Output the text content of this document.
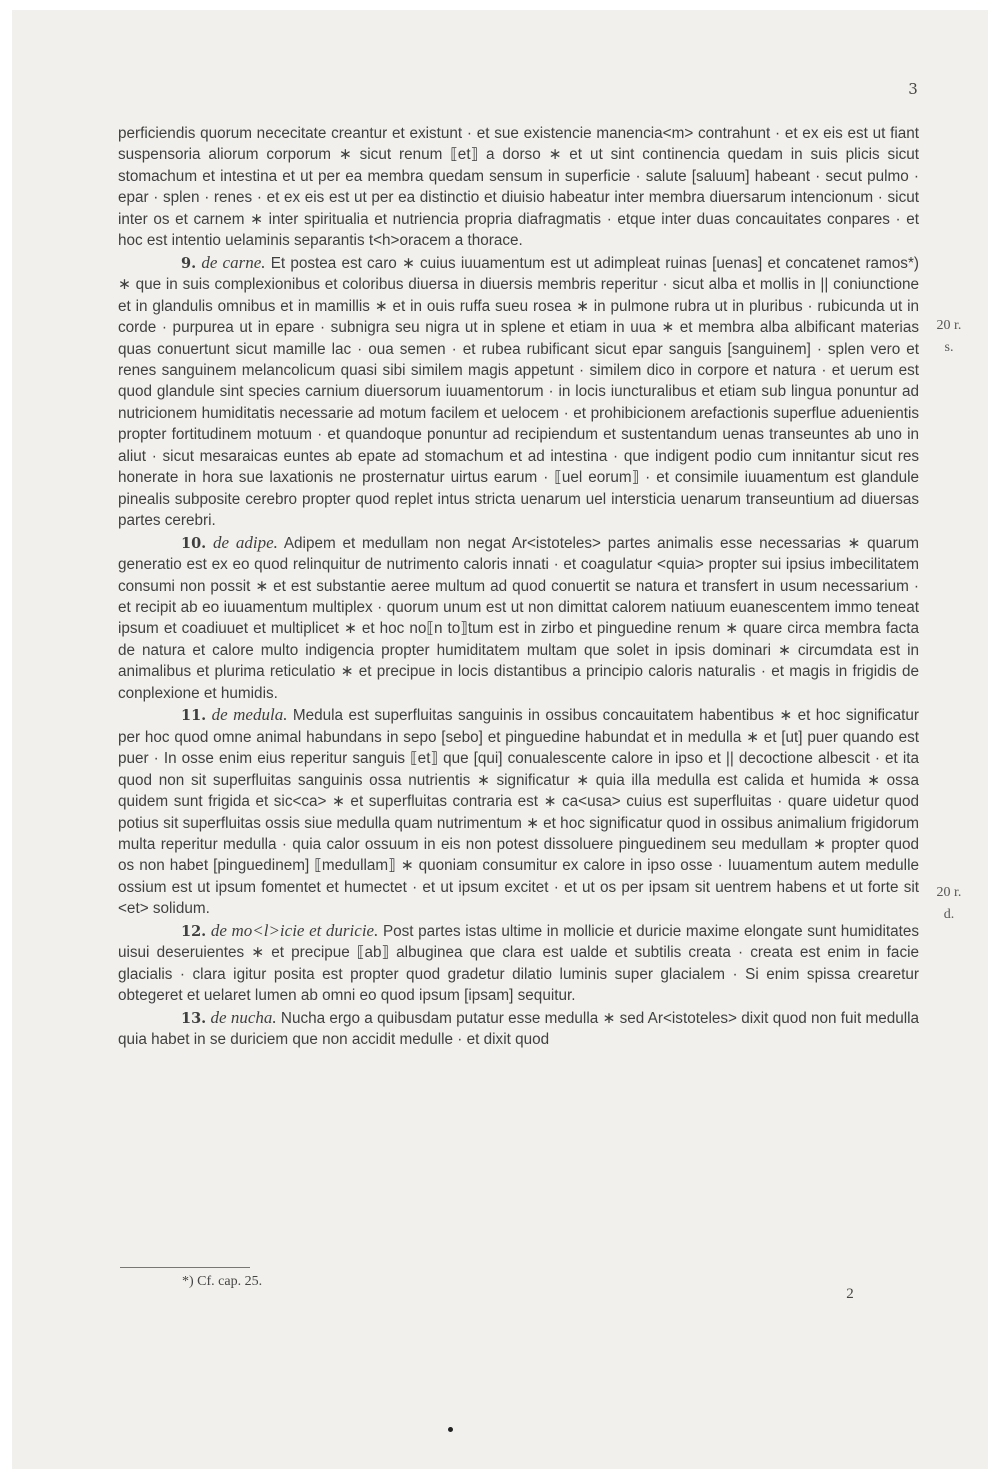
3

perficiendis quorum nececitate creantur et existunt · et sue existencie manencia<m> contrahunt · et ex eis est ut fiant suspensoria aliorum corporum ∗ sicut renum ⟦et⟧ a dorso ∗ et ut sint continencia quedam in suis plicis sicut stomachum et intestina et ut per ea membra quedam sensum in superficie · salute [saluum] habeant · secut pulmo · epar · splen · renes · et ex eis est ut per ea distinctio et diuisio habeatur inter membra diuersarum intencionum · sicut inter os et carnem ∗ inter spiritualia et nutriencia propria diafragmatis · etque inter duas concauitates conpares · et hoc est intentio uelaminis separantis t<h>oracem a thorace.

9. de carne. Et postea est caro ∗ cuius iuuamentum est ut adimpleat ruinas [uenas] et concatenet ramos*) ∗ que in suis complexionibus et coloribus diuersa in diuersis membris reperitur · sicut alba et mollis in || coniunctione et in glandulis omnibus et in mamillis ∗ et in ouis ruffa sueu rosea ∗ in pulmone rubra ut in pluribus · rubicunda ut in corde · purpurea ut in epare · subnigra seu nigra ut in splene et etiam in uua ∗ et membra alba albificant materias quas conuertunt sicut mamille lac · oua semen · et rubea rubificant sicut epar sanguis [sanguinem] · splen vero et renes sanguinem melancolicum quasi sibi similem magis appetunt · similem dico in corpore et natura · et uerum est quod glandule sint species carnium diuersorum iuuamentorum · in locis iuncturalibus et etiam sub lingua ponuntur ad nutricionem humiditatis necessarie ad motum facilem et uelocem · et prohibicionem arefactionis superflue aduenientis propter fortitudinem motuum · et quandoque ponuntur ad recipiendum et sustentandum uenas transeuntes ab uno in aliut · sicut mesaraicas euntes ab epate ad stomachum et ad intestina · que indigent podio cum innitantur sicut res honerate in hora sue laxationis ne prosternatur uirtus earum · ⟦uel eorum⟧ · et consimile iuuamentum est glandule pinealis subposite cerebro propter quod replet intus stricta uenarum uel intersticia uenarum transeuntium ad diuersas partes cerebri.

10. de adipe. Adipem et medullam non negat Ar<istoteles> partes animalis esse necessarias ∗ quarum generatio est ex eo quod relinquitur de nutrimento caloris innati · et coagulatur <quia> propter sui ipsius imbecilitatem consumi non possit ∗ et est substantie aeree multum ad quod conuertit se natura et transfert in usum necessarium · et recipit ab eo iuuamentum multiplex · quorum unum est ut non dimittat calorem natiuum euanescentem immo teneat ipsum et coadiuuet et multiplicet ∗ et hoc no⟦n to⟧tum est in zirbo et pinguedine renum ∗ quare circa membra facta de natura et calore multo indigencia propter humiditatem multam que solet in ipsis dominari ∗ circumdata est in animalibus et plurima reticulatio ∗ et precipue in locis distantibus a principio caloris naturalis · et magis in frigidis de conplexione et humidis.

11. de medula. Medula est superfluitas sanguinis in ossibus concauitatem habentibus ∗ et hoc significatur per hoc quod omne animal habundans in sepo [sebo] et pinguedine habundat et in medulla ∗ et [ut] puer quando est puer · In osse enim eius reperitur sanguis ⟦et⟧ que [qui] conualescente calore in ipso et || decoctione albescit · et ita quod non sit superfluitas sanguinis ossa nutrientis ∗ significatur ∗ quia illa medulla est calida et humida ∗ ossa quidem sunt frigida et sic<ca> ∗ et superfluitas contraria est ∗ ca<usa> cuius est superfluitas · quare uidetur quod potius sit superfluitas ossis siue medulla quam nutrimentum ∗ et hoc significatur quod in ossibus animalium frigidorum multa reperitur medulla · quia calor ossuum in eis non potest dissoluere pinguedinem seu medullam ∗ propter quod os non habet [pinguedinem] ⟦medullam⟧ ∗ quoniam consumitur ex calore in ipso osse · Iuuamentum autem medulle ossium est ut ipsum fomentet et humectet · et ut ipsum excitet · et ut os per ipsam sit uentrem habens et ut forte sit <et> solidum.

12. de mo<l>icie et duricie. Post partes istas ultime in mollicie et duricie maxime elongate sunt humiditates uisui deseruientes ∗ et precipue ⟦ab⟧ albuginea que clara est ualde et subtilis creata · creata est enim in facie glacialis · clara igitur posita est propter quod gradetur dilatio luminis super glacialem · Si enim spissa crearetur obtegeret et uelaret lumen ab omni eo quod ipsum [ipsam] sequitur.

13. de nucha. Nucha ergo a quibusdam putatur esse medulla ∗ sed Ar<istoteles> dixit quod non fuit medulla quia habet in se duriciem que non accidit medulle · et dixit quod

20 r.
s.
20 r.
d.
*) Cf. cap. 25.
2
